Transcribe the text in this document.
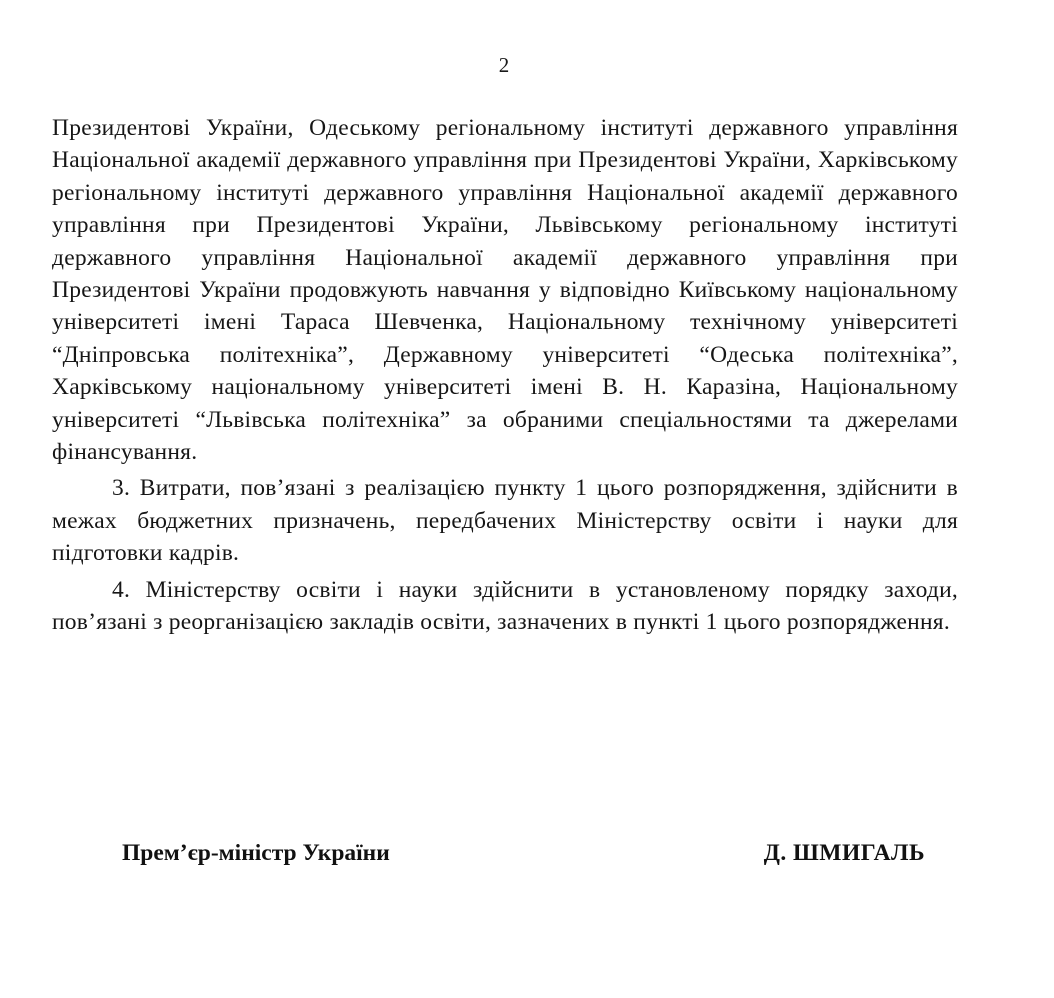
2

Президентові України, Одеському регіональному інституті державного управління Національної академії державного управління при Президентові України, Харківському регіональному інституті державного управління Національної академії державного управління при Президентові України, Львівському регіональному інституті державного управління Національної академії державного управління при Президентові України продовжують навчання у відповідно Київському національному університеті імені Тараса Шевченка, Національному технічному університеті “Дніпровська політехніка”, Державному університеті “Одеська політехніка”, Харківському національному університеті імені В. Н. Каразіна, Національному університеті “Львівська політехніка” за обраними спеціальностями та джерелами фінансування.

3. Витрати, пов’язані з реалізацією пункту 1 цього розпорядження, здійснити в межах бюджетних призначень, передбачених Міністерству освіти і науки для підготовки кадрів.

4. Міністерству освіти і науки здійснити в установленому порядку заходи, пов’язані з реорганізацією закладів освіти, зазначених в пункті 1 цього розпорядження.

Прем’єр-міністр України	Д. ШМИГАЛЬ
